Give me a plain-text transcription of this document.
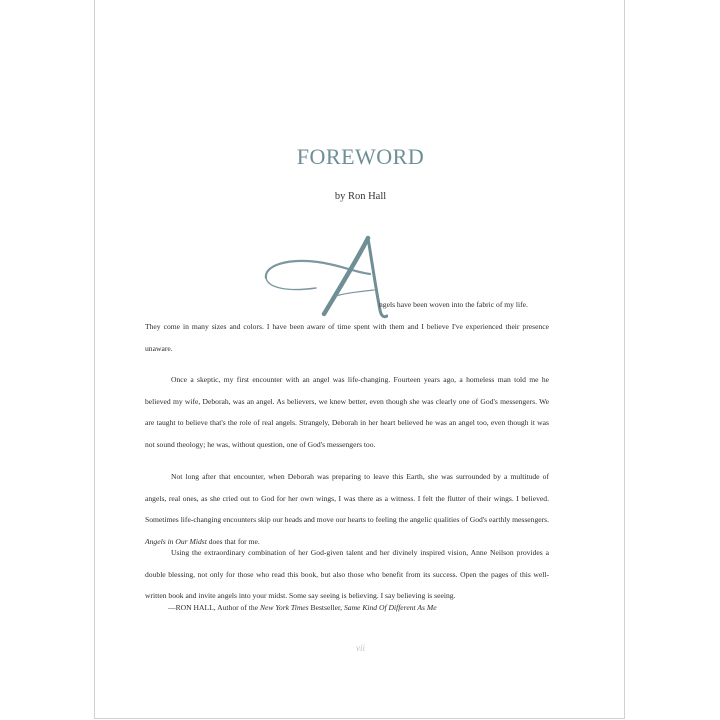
FOREWORD
by Ron Hall
ngels have been woven into the fabric of my life.

They come in many sizes and colors. I have been aware of time spent with them and I believe I've experienced their presence unaware.

Once a skeptic, my first encounter with an angel was life-changing. Fourteen years ago, a homeless man told me he believed my wife, Deborah, was an angel. As believers, we knew better, even though she was clearly one of God's messengers. We are taught to believe that's the role of real angels. Strangely, Deborah in her heart believed he was an angel too, even though it was not sound theology; he was, without question, one of God's messengers too.

Not long after that encounter, when Deborah was preparing to leave this Earth, she was surrounded by a multitude of angels, real ones, as she cried out to God for her own wings, I was there as a witness. I felt the flutter of their wings. I believed. Sometimes life-changing encounters skip our heads and move our hearts to feeling the angelic qualities of God's earthly messengers. Angels in Our Midst does that for me.

Using the extraordinary combination of her God-given talent and her divinely inspired vision, Anne Neilson provides a double blessing, not only for those who read this book, but also those who benefit from its success. Open the pages of this well-written book and invite angels into your midst. Some say seeing is believing. I say believing is seeing.

—RON HALL, Author of the New York Times Bestseller, Same Kind Of Different As Me
vii
